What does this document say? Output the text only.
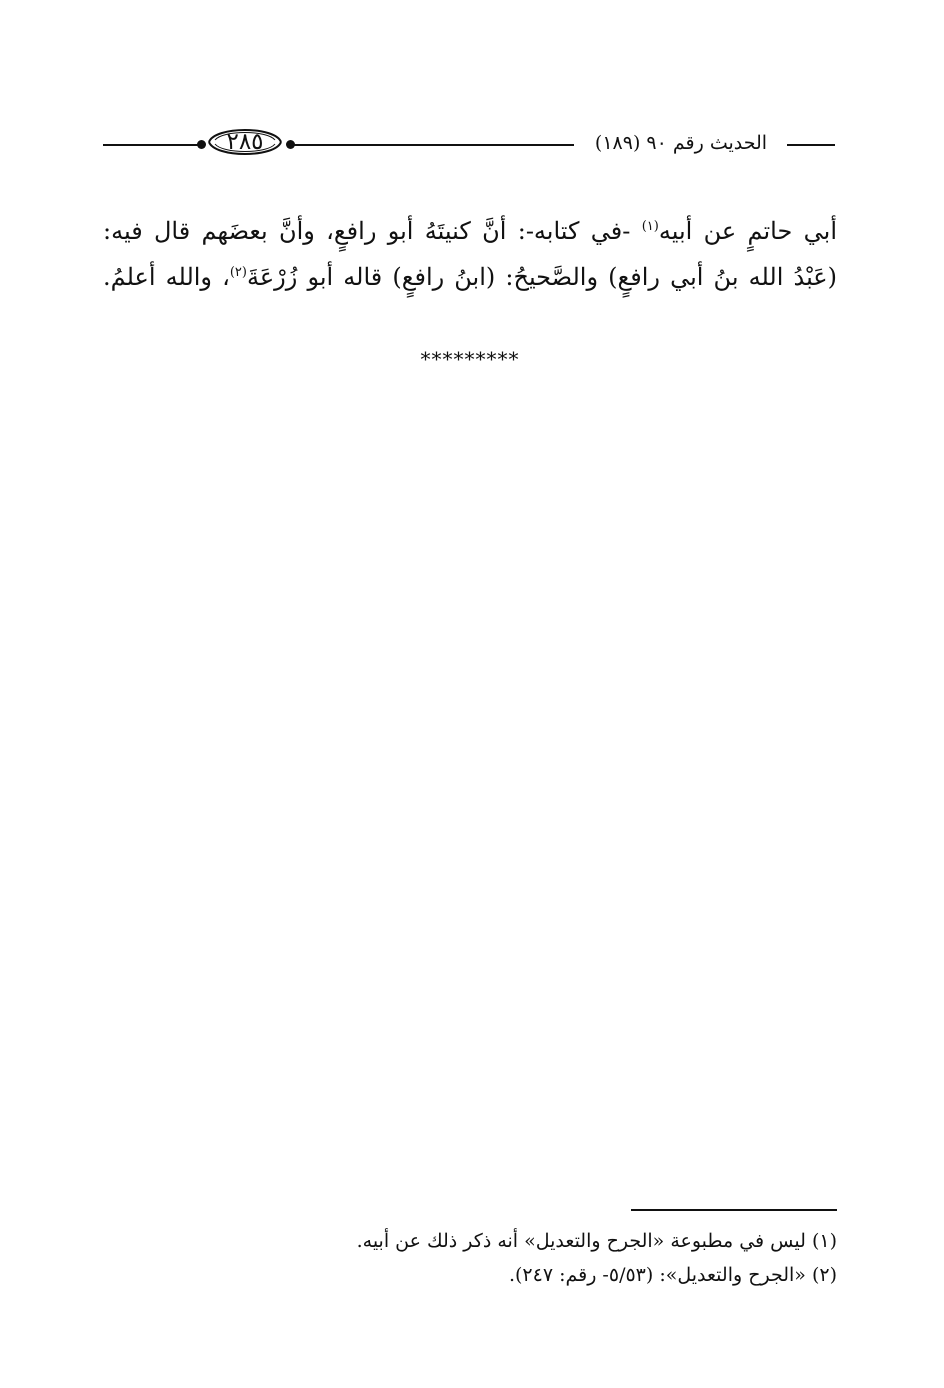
الحديث رقم ٩٠ (١٨٩)
٢٨٥
أبي حاتمٍ عن أبيه$^{(١)}$ -في كتابه-: أنَّ كنيتَهُ أبو رافعٍ، وأنَّ بعضَهم قال فيه:
(عَبْدُ الله بنُ أبي رافعٍ) والصَّحيحُ: (ابنُ رافعٍ) قاله أبو زُرْعَةَ$^{(٢)}$، والله أعلمُ.
*********
(١) ليس في مطبوعة «الجرح والتعديل» أنه ذكر ذلك عن أبيه.
(٢) «الجرح والتعديل»: (٥/٥٣- رقم: ٢٤٧).
